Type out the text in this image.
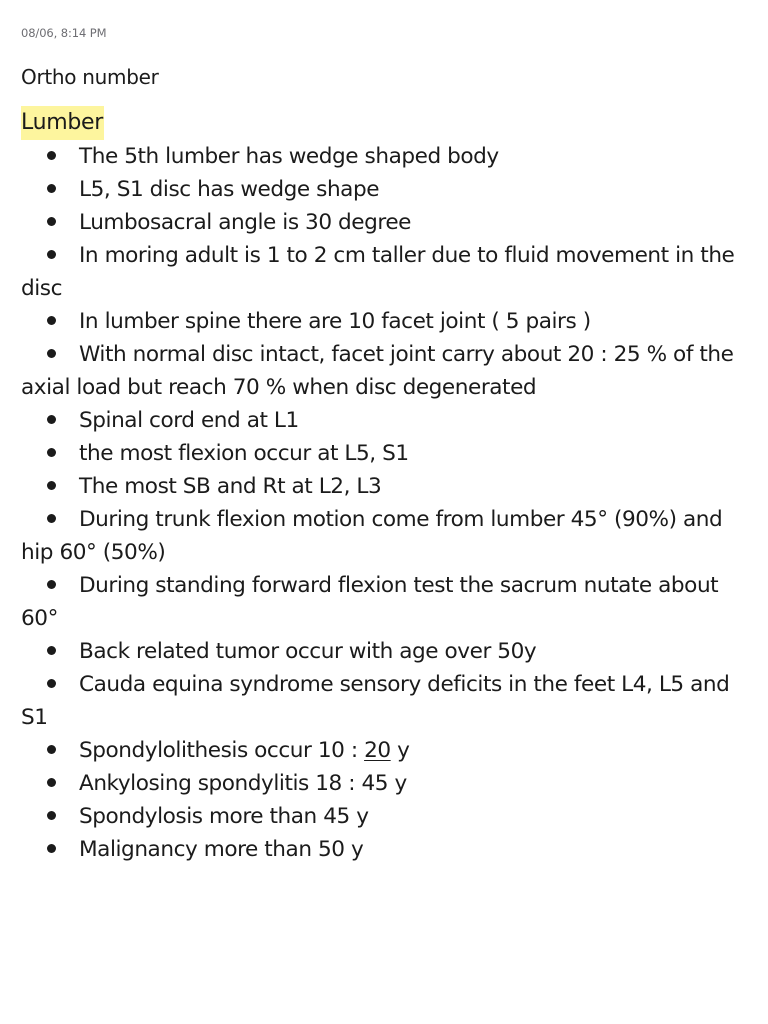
08/06, 8:14 PM
Ortho number
Lumber
The 5th lumber has wedge shaped body
L5, S1 disc has wedge shape
Lumbosacral angle is 30 degree
In moring adult is 1 to 2 cm taller due to fluid movement in the disc
In lumber spine there are 10 facet joint ( 5 pairs )
With normal disc intact, facet joint carry about 20 : 25 % of the axial load but reach 70 % when disc degenerated
Spinal cord end at L1
the most flexion occur at L5, S1
The most SB and Rt at L2, L3
During trunk flexion motion come from lumber 45° (90%) and hip 60° (50%)
During standing forward flexion test the sacrum nutate about 60°
Back related tumor occur with age over 50y
Cauda equina syndrome sensory deficits in the feet L4, L5 and S1
Spondylolithesis occur 10 : 20 y
Ankylosing spondylitis 18 : 45 y
Spondylosis more than 45 y
Malignancy more than 50 y
